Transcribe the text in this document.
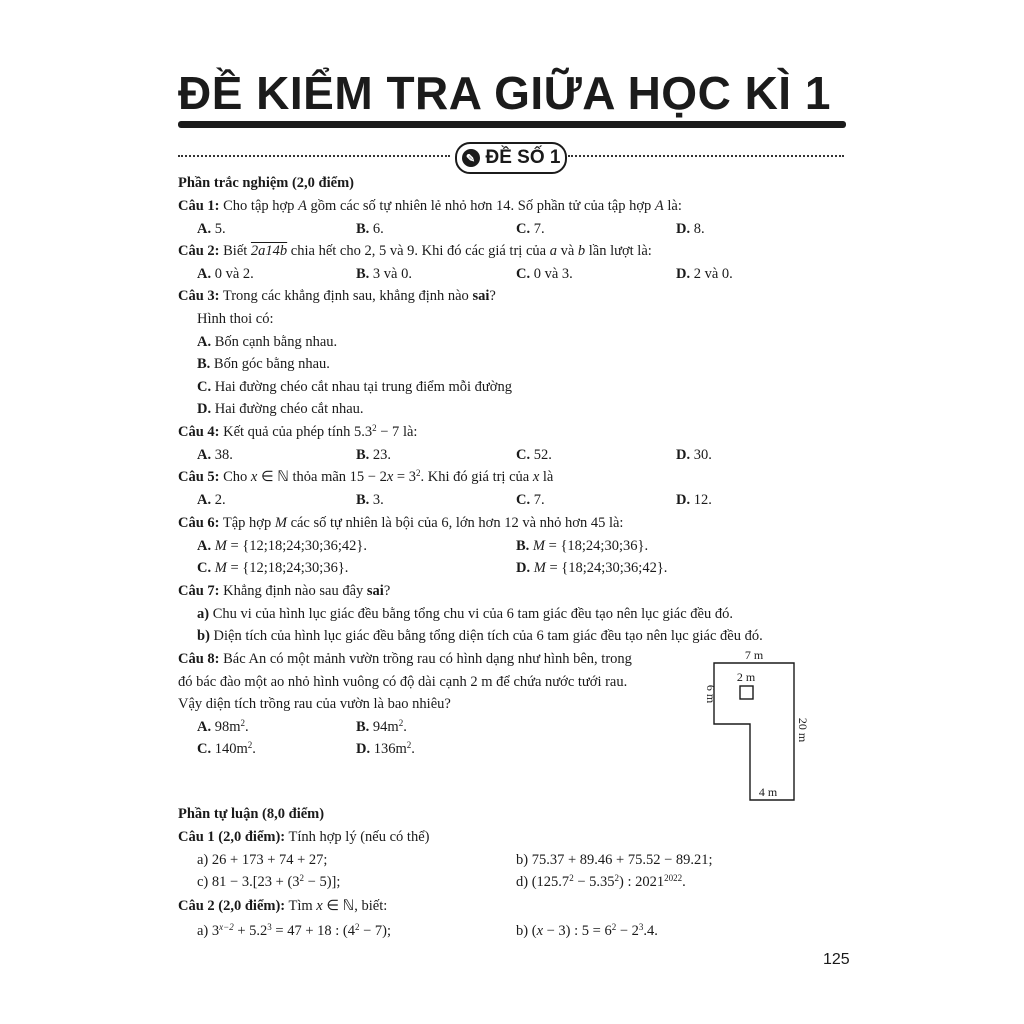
ĐỀ KIỂM TRA GIỮA HỌC KÌ 1
✎ ĐỀ SỐ 1
Phần trắc nghiệm (2,0 điểm)
Câu 1: Cho tập hợp A gồm các số tự nhiên lẻ nhỏ hơn 14. Số phần tử của tập hợp A là:
A. 5.	B. 6.	C. 7.	D. 8.
Câu 2: Biết 2a14b chia hết cho 2, 5 và 9. Khi đó các giá trị của a và b lần lượt là:
A. 0 và 2.	B. 3 và 0.	C. 0 và 3.	D. 2 và 0.
Câu 3: Trong các khẳng định sau, khẳng định nào sai?
Hình thoi có:
A. Bốn cạnh bằng nhau.
B. Bốn góc bằng nhau.
C. Hai đường chéo cắt nhau tại trung điểm mỗi đường
D. Hai đường chéo cắt nhau.
Câu 4: Kết quả của phép tính $5.3^2 - 7$ là:
A. 38.	B. 23.	C. 52.	D. 30.
Câu 5: Cho x ∈ ℕ thỏa mãn $15 - 2x = 3^2$. Khi đó giá trị của x là
A. 2.	B. 3.	C. 7.	D. 12.
Câu 6: Tập hợp M các số tự nhiên là bội của 6, lớn hơn 12 và nhỏ hơn 45 là:
A. M = {12;18;24;30;36;42}.	B. M = {18;24;30;36}.
C. M = {12;18;24;30;36}.	D. M = {18;24;30;36;42}.
Câu 7: Khẳng định nào sau đây sai?
a) Chu vi của hình lục giác đều bằng tổng chu vi của 6 tam giác đều tạo nên lục giác đều đó.
b) Diện tích của hình lục giác đều bằng tổng diện tích của 6 tam giác đều tạo nên lục giác đều đó.
Câu 8: Bác An có một mảnh vườn trồng rau có hình dạng như hình bên, trong
đó bác đào một ao nhỏ hình vuông có độ dài cạnh 2 m để chứa nước tưới rau.
Vậy diện tích trồng rau của vườn là bao nhiêu?
A. $98m^2$.	B. $94m^2$.
C. $140m^2$.	D. $136m^2$.
7 m
2 m
6 m
20 m
4 m
Phần tự luận (8,0 điểm)
Câu 1 (2,0 điểm): Tính hợp lý (nếu có thể)
a) 26 + 173 + 74 + 27;	b) 75.37 + 89.46 + 75.52 − 89.21;
c) $81 - 3.[23 + (3^2 - 5)]$;	d) $(125.7^2 - 5.35^2)$ : $2021^{2022}$.
Câu 2 (2,0 điểm): Tìm x ∈ ℕ, biết:
a) $3^{x-2} + 5.2^3 = 47 + 18$ : $(4^2 - 7)$;	b) (x − 3) : $5 = 6^2 - 2^3.4$.
125
